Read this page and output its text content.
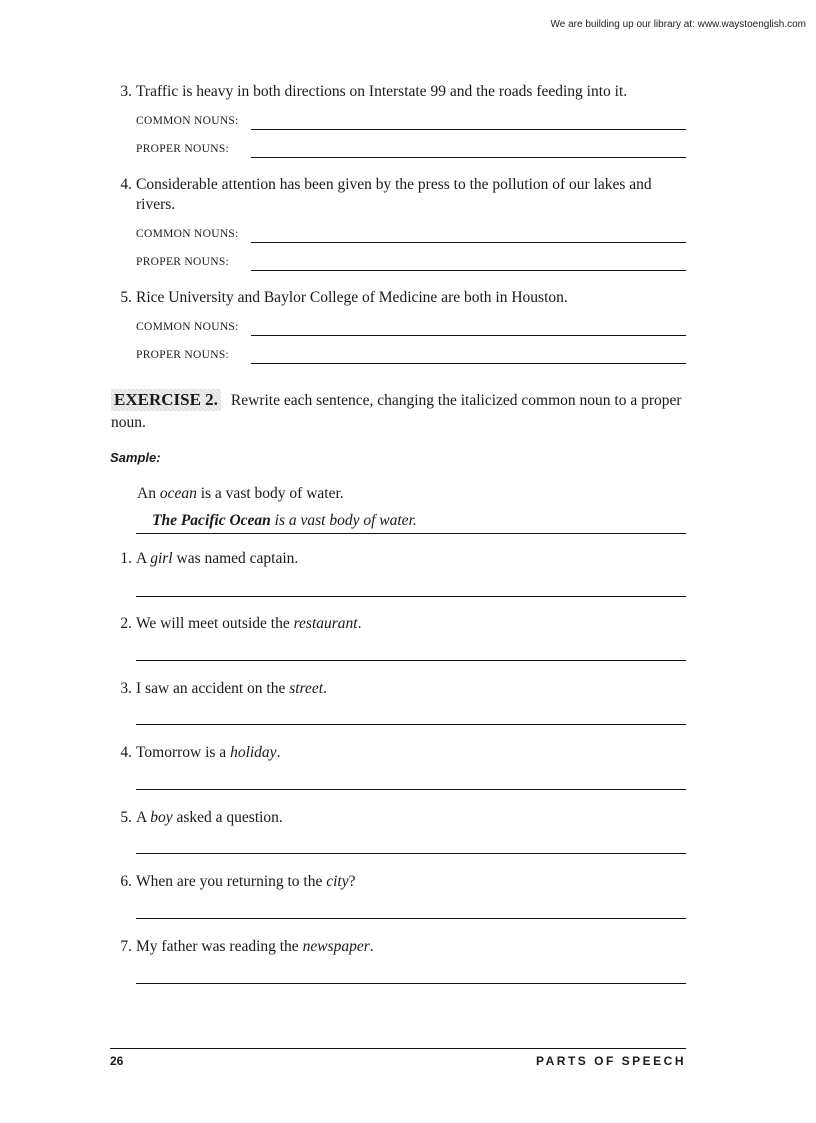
We are building up our library at: www.waystoenglish.com
3. Traffic is heavy in both directions on Interstate 99 and the roads feeding into it.
COMMON NOUNS:
PROPER NOUNS:
4. Considerable attention has been given by the press to the pollution of our lakes and rivers.
COMMON NOUNS:
PROPER NOUNS:
5. Rice University and Baylor College of Medicine are both in Houston.
COMMON NOUNS:
PROPER NOUNS:
EXERCISE 2. Rewrite each sentence, changing the italicized common noun to a proper noun.
Sample:
An ocean is a vast body of water.
The Pacific Ocean is a vast body of water.
1. A girl was named captain.
2. We will meet outside the restaurant.
3. I saw an accident on the street.
4. Tomorrow is a holiday.
5. A boy asked a question.
6. When are you returning to the city?
7. My father was reading the newspaper.
26	PARTS OF SPEECH
